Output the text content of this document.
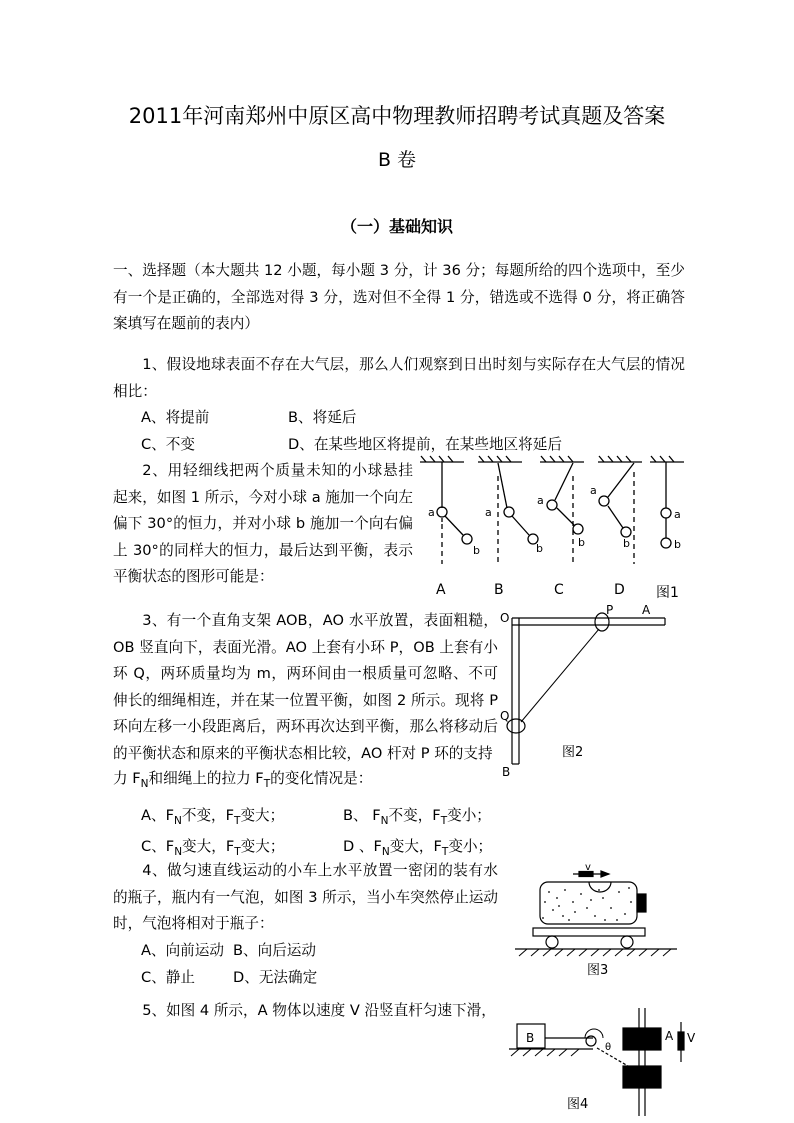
2011年河南郑州中原区高中物理教师招聘考试真题及答案
B 卷
（一）基础知识
一、选择题（本大题共 12 小题，每小题 3 分，计 36 分；每题所给的四个选项中，至少有一个是正确的，全部选对得 3 分，选对但不全得 1 分，错选或不选得 0 分，将正确答案填写在题前的表内）
1、假设地球表面不存在大气层，那么人们观察到日出时刻与实际存在大气层的情况相比：
A、将提前	B、将延后
C、不变	D、在某些地区将提前，在某些地区将延后
2、用轻细线把两个质量未知的小球悬挂起来，如图 1 所示，今对小球 a 施加一个向左偏下 30°的恒力，并对小球 b 施加一个向右偏上 30°的同样大的恒力，最后达到平衡，表示平衡状态的图形可能是：
a
b
a
b
a
b
a
b
a
b
A	B	C	D 图1
3、有一个直角支架 AOB，AO 水平放置，表面粗糙，OB 竖直向下，表面光滑。AO 上套有小环 P，OB 上套有小环 Q，两环质量均为 m，两环间由一根质量可忽略、不可伸长的细绳相连，并在某一位置平衡，如图 2 所示。现将 P 环向左移一小段距离后，两环再次达到平衡，那么将移动后的平衡状态和原来的平衡状态相比较，AO 杆对 P 环的支持
力 $F_N$和细绳上的拉力 $F_T$的变化情况是：
A、$F_N$不变，$F_T$变大；	B、 $F_N$不变，$F_T$变小；
C、$F_N$变大，$F_T$变大；	D 、$F_N$变大，$F_T$变小；
O
P A
Q
B
图2
4、做匀速直线运动的小车上水平放置一密闭的装有水的瓶子，瓶内有一气泡，如图 3 所示，当小车突然停止运动时，气泡将相对于瓶子：
A、向前运动 B、向后运动
C、静止	D、无法确定	图3
v
5、如图 4 所示，A 物体以速度 V 沿竖直杆匀速下滑，
B
θ
A V
图4
